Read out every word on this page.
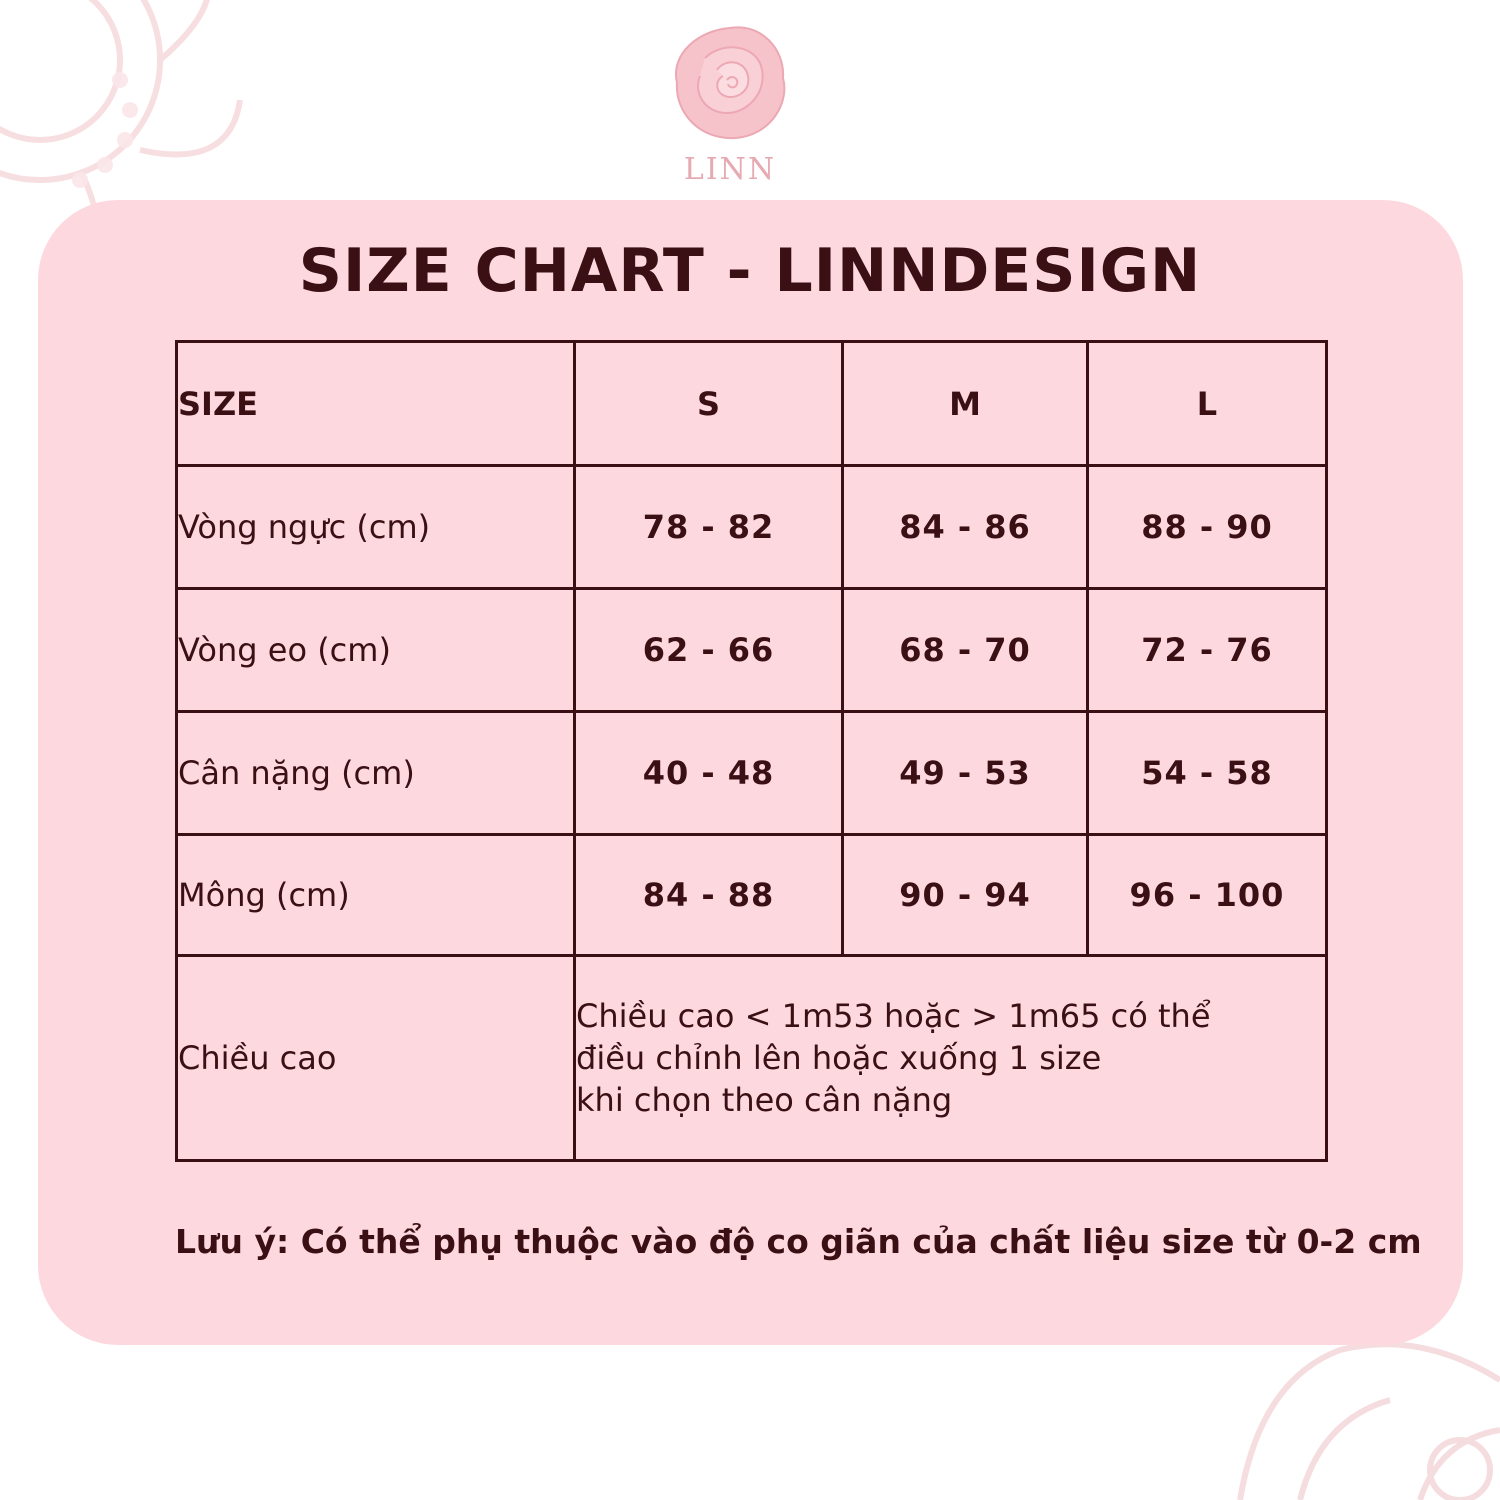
LINN
SIZE CHART - LINNDESIGN
SIZE	S	M	L
Vòng ngực (cm)	78 - 82	84 - 86	88 - 90
Vòng eo (cm)	62 - 66	68 - 70	72 - 76
Cân nặng (cm)	40 - 48	49 - 53	54 - 58
Mông (cm)	84 - 88	90 - 94	96 - 100
Chiều cao	Chiều cao < 1m53 hoặc > 1m65 có thể
điều chỉnh lên hoặc xuống 1 size
khi chọn theo cân nặng		
Lưu ý: Có thể phụ thuộc vào độ co giãn của chất liệu size từ 0-2 cm
